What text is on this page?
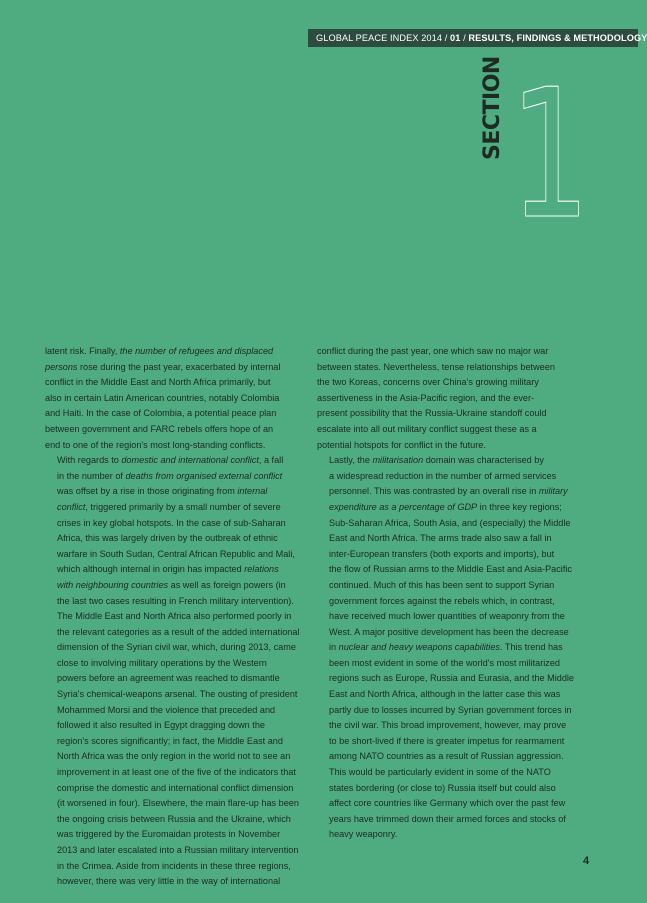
GLOBAL PEACE INDEX 2014 / 01 / RESULTS, FINDINGS & METHODOLOGY
SECTION 1

latent risk. Finally, the number of refugees and displaced
persons rose during the past year, exacerbated by internal
conflict in the Middle East and North Africa primarily, but
also in certain Latin American countries, notably Colombia
and Haiti. In the case of Colombia, a potential peace plan
between government and FARC rebels offers hope of an
end to one of the region's most long-standing conflicts.

With regards to domestic and international conflict, a fall
in the number of deaths from organised external conflict
was offset by a rise in those originating from internal
conflict, triggered primarily by a small number of severe
crises in key global hotspots. In the case of sub-Saharan
Africa, this was largely driven by the outbreak of ethnic
warfare in South Sudan, Central African Republic and Mali,
which although internal in origin has impacted relations
with neighbouring countries as well as foreign powers (in
the last two cases resulting in French military intervention).
The Middle East and North Africa also performed poorly in
the relevant categories as a result of the added international
dimension of the Syrian civil war, which, during 2013, came
close to involving military operations by the Western
powers before an agreement was reached to dismantle
Syria's chemical-weapons arsenal. The ousting of president
Mohammed Morsi and the violence that preceded and
followed it also resulted in Egypt dragging down the
region's scores significantly; in fact, the Middle East and
North Africa was the only region in the world not to see an
improvement in at least one of the five of the indicators that
comprise the domestic and international conflict dimension
(it worsened in four). Elsewhere, the main flare-up has been
the ongoing crisis between Russia and the Ukraine, which
was triggered by the Euromaidan protests in November
2013 and later escalated into a Russian military intervention
in the Crimea. Aside from incidents in these three regions,
however, there was very little in the way of international

conflict during the past year, one which saw no major war
between states. Nevertheless, tense relationships between
the two Koreas, concerns over China's growing military
assertiveness in the Asia-Pacific region, and the ever-
present possibility that the Russia-Ukraine standoff could
escalate into all out military conflict suggest these as a
potential hotspots for conflict in the future.

Lastly, the militarisation domain was characterised by
a widespread reduction in the number of armed services
personnel. This was contrasted by an overall rise in military
expenditure as a percentage of GDP in three key regions;
Sub-Saharan Africa, South Asia, and (especially) the Middle
East and North Africa. The arms trade also saw a fall in
inter-European transfers (both exports and imports), but
the flow of Russian arms to the Middle East and Asia-Pacific
continued. Much of this has been sent to support Syrian
government forces against the rebels which, in contrast,
have received much lower quantities of weaponry from the
West. A major positive development has been the decrease
in nuclear and heavy weapons capabilities. This trend has
been most evident in some of the world's most militarized
regions such as Europe, Russia and Eurasia, and the Middle
East and North Africa, although in the latter case this was
partly due to losses incurred by Syrian government forces in
the civil war. This broad improvement, however, may prove
to be short-lived if there is greater impetus for rearmament
among NATO countries as a result of Russian aggression.
This would be particularly evident in some of the NATO
states bordering (or close to) Russia itself but could also
affect core countries like Germany which over the past few
years have trimmed down their armed forces and stocks of
heavy weaponry.

4
